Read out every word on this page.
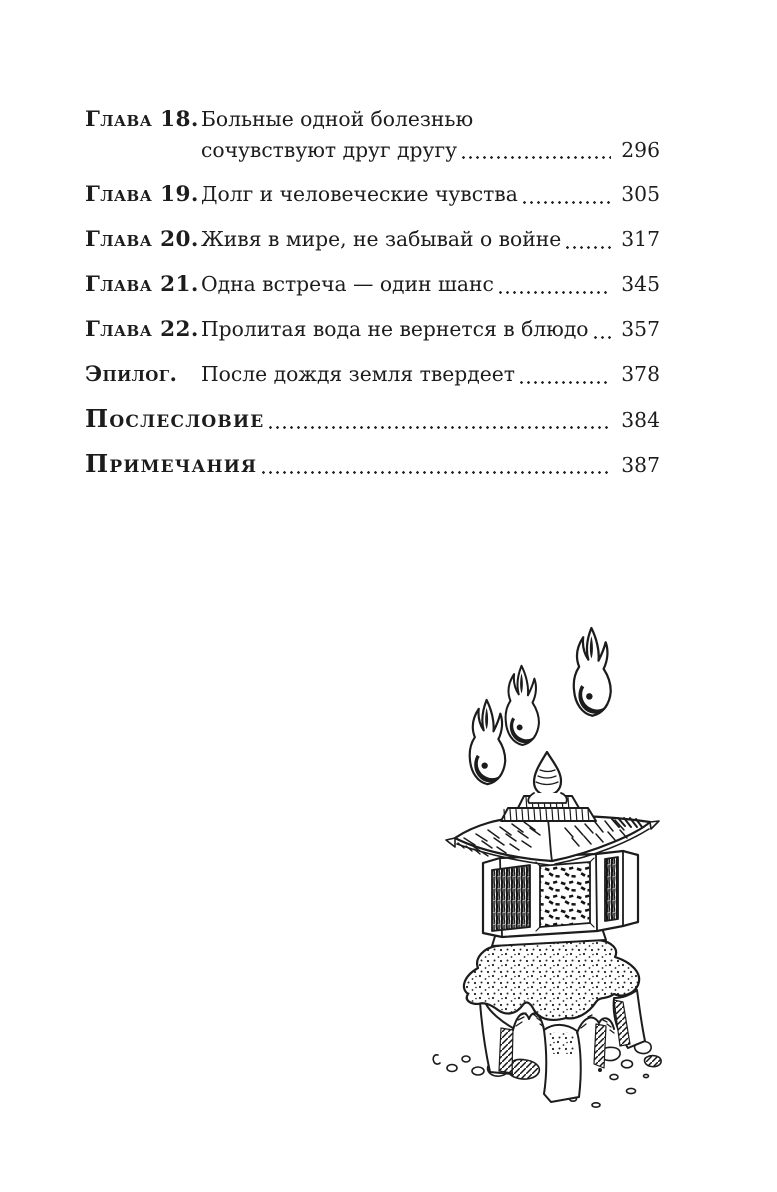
Глава 18. Больные одной болезнью
сочувствуют друг другу	296
Глава 19. Долг и человеческие чувства	305
Глава 20. Живя в мире, не забывай о войне	317
Глава 21. Одна встреча — один шанс	345
Глава 22. Пролитая вода не вернется в блюдо 357
Эпилог.	После дождя земля твердеет	378
Послесловие	384
Примечания	387
